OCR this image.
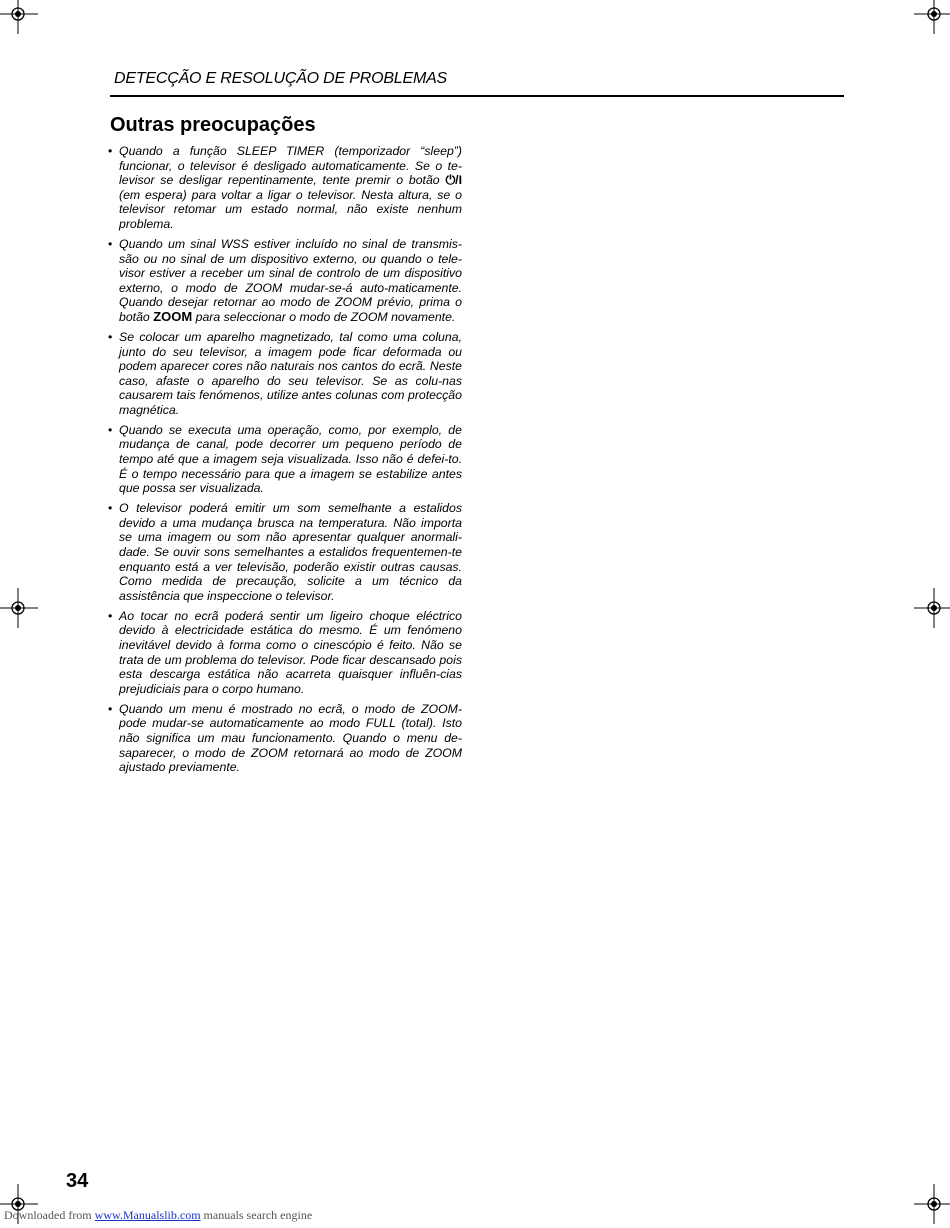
DETECÇÃO E RESOLUÇÃO DE PROBLEMAS
Outras preocupações
• Quando a função SLEEP TIMER (temporizador “sleep”) funcionar, o televisor é desligado automaticamente. Se o te-levisor se desligar repentinamente, tente premir o botão ⏻/I (em espera) para voltar a ligar o televisor. Nesta altura, se o televisor retomar um estado normal, não existe nenhum problema.
• Quando um sinal WSS estiver incluído no sinal de transmis-são ou no sinal de um dispositivo externo, ou quando o tele-visor estiver a receber um sinal de controlo de um dispositivo externo, o modo de ZOOM mudar-se-á auto-maticamente. Quando desejar retornar ao modo de ZOOM prévio, prima o botão ZOOM para seleccionar o modo de ZOOM novamente.
• Se colocar um aparelho magnetizado, tal como uma coluna, junto do seu televisor, a imagem pode ficar deformada ou podem aparecer cores não naturais nos cantos do ecrã. Neste caso, afaste o aparelho do seu televisor. Se as colu-nas causarem tais fenómenos, utilize antes colunas com protecção magnética.
• Quando se executa uma operação, como, por exemplo, de mudança de canal, pode decorrer um pequeno período de tempo até que a imagem seja visualizada. Isso não é defei-to. É o tempo necessário para que a imagem se estabilize antes que possa ser visualizada.
• O televisor poderá emitir um som semelhante a estalidos devido a uma mudança brusca na temperatura. Não importa se uma imagem ou som não apresentar qualquer anormali-dade. Se ouvir sons semelhantes a estalidos frequentemen-te enquanto está a ver televisão, poderão existir outras causas. Como medida de precaução, solicite a um técnico da assistência que inspeccione o televisor.
• Ao tocar no ecrã poderá sentir um ligeiro choque eléctrico devido à electricidade estática do mesmo. É um fenómeno inevitável devido à forma como o cinescópio é feito. Não se trata de um problema do televisor. Pode ficar descansado pois esta descarga estática não acarreta quaisquer influên-cias prejudiciais para o corpo humano.
• Quando um menu é mostrado no ecrã, o modo de ZOOM-pode mudar-se automaticamente ao modo FULL (total). Isto não significa um mau funcionamento. Quando o menu de-saparecer, o modo de ZOOM retornará ao modo de ZOOM ajustado previamente.
34
Downloaded from www.Manualslib.com manuals search engine
